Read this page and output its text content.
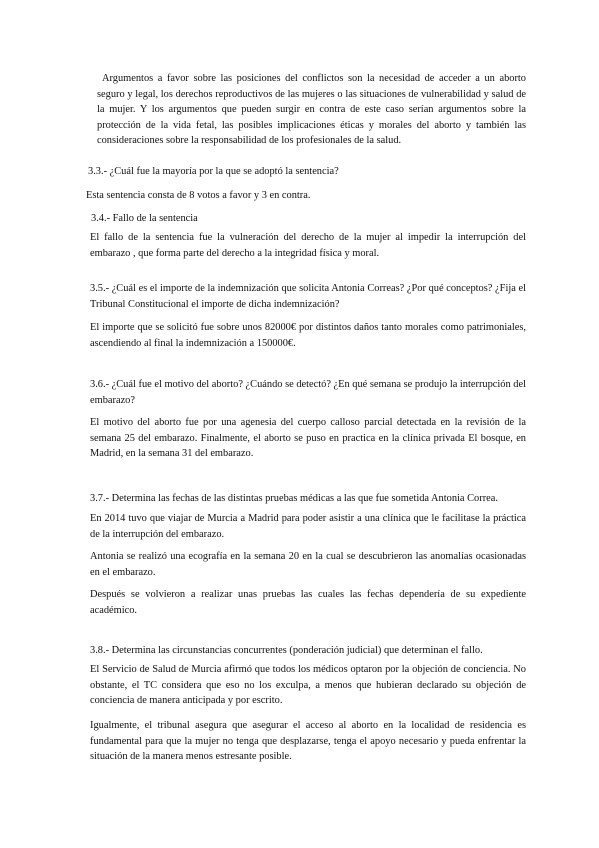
Argumentos a favor sobre las posiciones del conflictos son la necesidad de acceder a un aborto seguro y legal, los derechos reproductivos de las mujeres o las situaciones de vulnerabilidad y salud de la mujer. Y los argumentos que pueden surgir en contra de este caso serían argumentos sobre la protección de la vida fetal, las posibles implicaciones éticas y morales del aborto y también las consideraciones sobre la responsabilidad de los profesionales de la salud.

3.3.- ¿Cuál fue la mayoría por la que se adoptó la sentencia?

Esta sentencia consta de 8 votos a favor y 3 en contra.

3.4.- Fallo de la sentencia

El fallo de la sentencia fue la vulneración del derecho de la mujer al impedir la interrupción del embarazo , que forma parte del derecho a la integridad física y moral.

3.5.- ¿Cuál es el importe de la indemnización que solicita Antonia Correas? ¿Por qué conceptos? ¿Fija el Tribunal Constitucional el importe de dicha indemnización?

El importe que se solicitó fue sobre unos 82000€ por distintos daños tanto morales como patrimoniales, ascendiendo al final la indemnización a 150000€.

3.6.- ¿Cuál fue el motivo del aborto? ¿Cuándo se detectó? ¿En qué semana se produjo la interrupción del embarazo?

El motivo del aborto fue por una agenesia del cuerpo calloso parcial detectada en la revisión de la semana 25 del embarazo. Finalmente, el aborto se puso en practica en la clínica privada El bosque, en Madrid, en la semana 31 del embarazo.

3.7.- Determina las fechas de las distintas pruebas médicas a las que fue sometida Antonia Correa.

En 2014 tuvo que viajar de Murcia a Madrid para poder asistir a una clínica que le facilitase la práctica de la interrupción del embarazo.

Antonia se realizó una ecografía en la semana 20 en la cual se descubrieron las anomalías ocasionadas en el embarazo.

Después se volvieron a realizar unas pruebas las cuales las fechas dependería de su expediente académico.

3.8.- Determina las circunstancias concurrentes (ponderación judicial) que determinan el fallo.

El Servicio de Salud de Murcia afirmó que todos los médicos optaron por la objeción de conciencia. No obstante, el TC considera que eso no los exculpa, a menos que hubieran declarado su objeción de conciencia de manera anticipada y por escrito.

Igualmente, el tribunal asegura que asegurar el acceso al aborto en la localidad de residencia es fundamental para que la mujer no tenga que desplazarse, tenga el apoyo necesario y pueda enfrentar la situación de la manera menos estresante posible.
